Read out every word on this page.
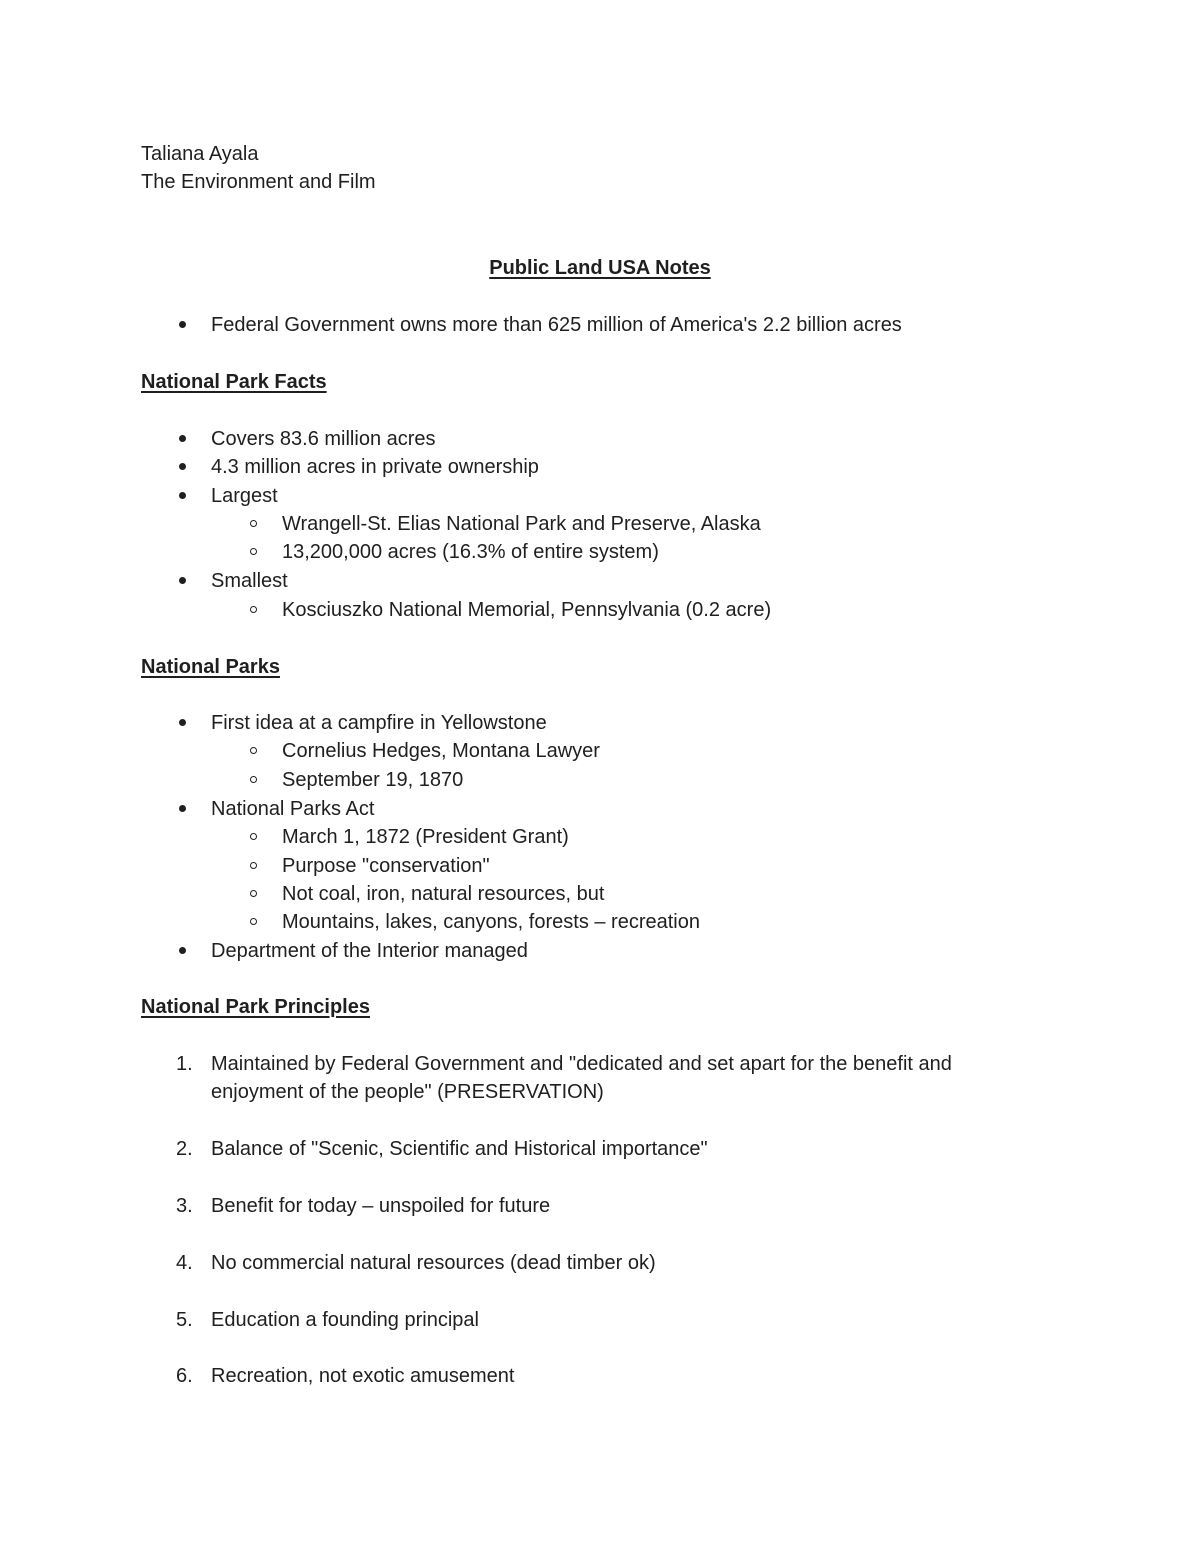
Taliana Ayala
The Environment and Film
Public Land USA Notes
Federal Government owns more than 625 million of America's 2.2 billion acres
National Park Facts
Covers 83.6 million acres
4.3 million acres in private ownership
Largest
Wrangell-St. Elias National Park and Preserve, Alaska
13,200,000 acres (16.3% of entire system)
Smallest
Kosciuszko National Memorial, Pennsylvania (0.2 acre)
National Parks
First idea at a campfire in Yellowstone
Cornelius Hedges, Montana Lawyer
September 19, 1870
National Parks Act
March 1, 1872 (President Grant)
Purpose "conservation"
Not coal, iron, natural resources, but
Mountains, lakes, canyons, forests – recreation
Department of the Interior managed
National Park Principles
1. Maintained by Federal Government and "dedicated and set apart for the benefit and
enjoyment of the people" (PRESERVATION)
2. Balance of "Scenic, Scientific and Historical importance"
3. Benefit for today – unspoiled for future
4. No commercial natural resources (dead timber ok)
5. Education a founding principal
6. Recreation, not exotic amusement
